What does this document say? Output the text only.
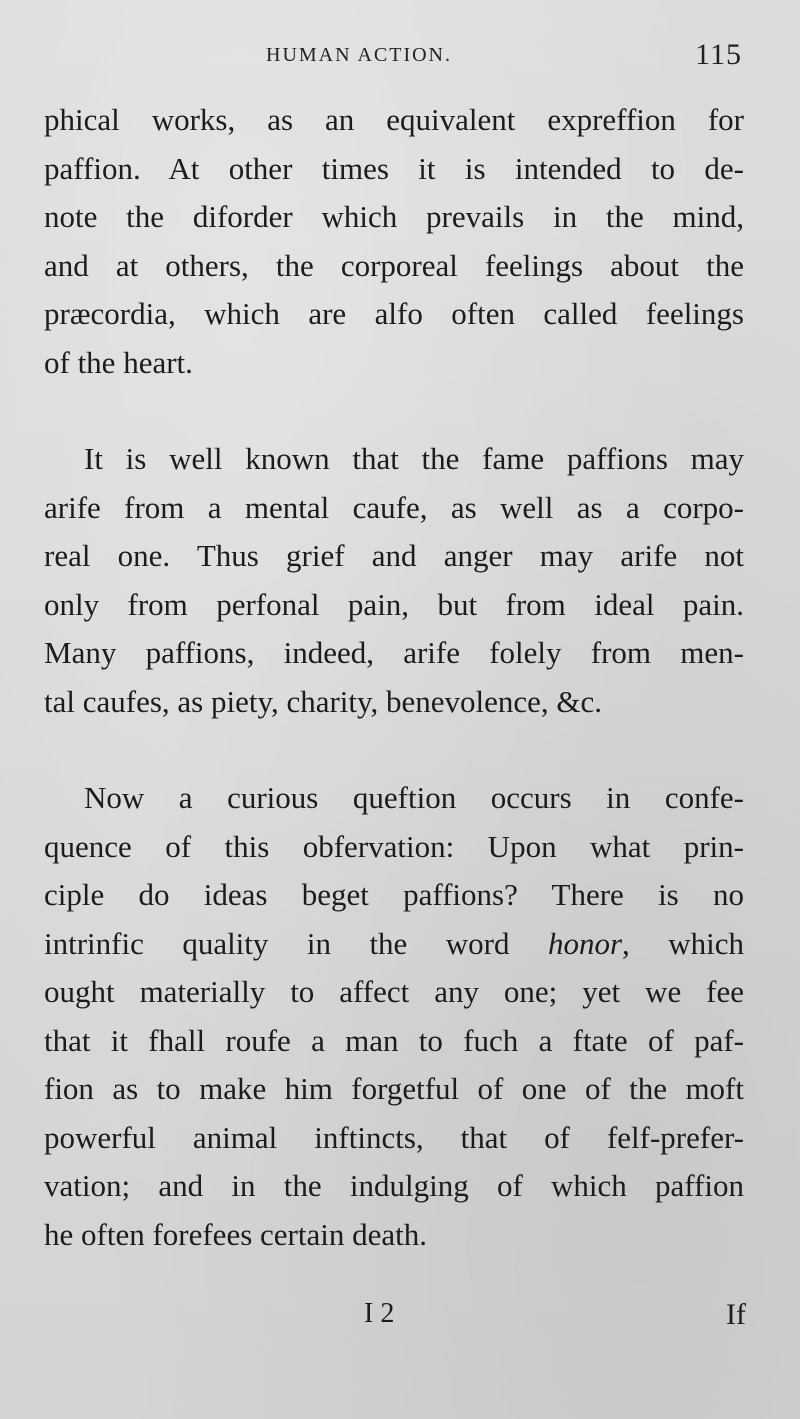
HUMAN ACTION.	115

phical works, as an equivalent expreffion for
paffion. At other times it is intended to de-
note the diforder which prevails in the mind,
and at others, the corporeal feelings about the
præcordia, which are alfo often called feelings
of the heart.

It is well known that the fame paffions may
arife from a mental caufe, as well as a corpo-
real one. Thus grief and anger may arife not
only from perfonal pain, but from ideal pain.
Many paffions, indeed, arife folely from men-
tal caufes, as piety, charity, benevolence, &c.

Now a curious queftion occurs in confe-
quence of this obfervation: Upon what prin-
ciple do ideas beget paffions? There is no
intrinfic quality in the word honor, which
ought materially to affect any one; yet we fee
that it fhall roufe a man to fuch a ftate of paf-
fion as to make him forgetful of one of the moft
powerful animal inftincts, that of felf-prefer-
vation; and in the indulging of which paffion
he often forefees certain death.

I 2	If
